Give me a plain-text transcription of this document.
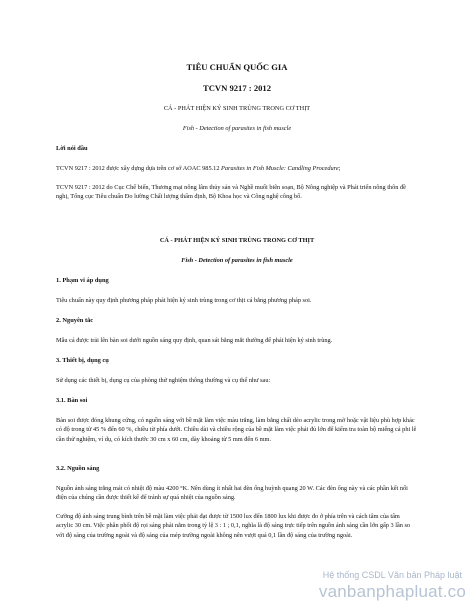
TIÊU CHUẨN QUỐC GIA
TCVN 9217 : 2012
CÁ - PHÁT HIỆN KÝ SINH TRÙNG TRONG CƠ THỊT
Fish - Detection of parasites in fish muscle
Lời nói đầu

TCVN 9217 : 2012 được xây dựng dựa trên cơ sở AOAC 985.12 Parasites in Fish Muscle: Candling Procedure;

TCVN 9217 : 2012 do Cục Chế biến, Thương mại nông lâm thủy sản và Nghề muối biên soạn, Bộ Nông nghiệp và Phát triển nông thôn đề nghị, Tổng cục Tiêu chuẩn Đo lường Chất lượng thẩm định, Bộ Khoa học và Công nghệ công bố.

CÁ - PHÁT HIỆN KÝ SINH TRÙNG TRONG CƠ THỊT
Fish - Detection of parasites in fish muscle
1. Phạm vi áp dụng

Tiêu chuẩn này quy định phương pháp phát hiện ký sinh trùng trong cơ thịt cá bằng phương pháp soi.

2. Nguyên tắc

Mẫu cá được trải lên bàn soi dưới nguồn sáng quy định, quan sát bằng mắt thường để phát hiện ký sinh trùng.

3. Thiết bị, dụng cụ

Sử dụng các thiết bị, dụng cụ của phòng thử nghiệm thông thường và cụ thể như sau:

3.1. Bàn soi

Bàn soi được đóng khung cứng, có nguồn sáng với bề mặt làm việc màu trắng, làm bằng chất dẻo acrylic trong mờ hoặc vật liệu phù hợp khác có độ trong từ 45 % đến 60 %, chiều từ phía dưới. Chiều dài và chiều rộng của bề mặt làm việc phải đủ lớn để kiểm tra toàn bộ miếng cá phi lê cần thử nghiệm, ví dụ, có kích thước 30 cm x 60 cm, dày khoảng từ 5 mm đến 6 mm.

3.2. Nguồn sáng

Nguồn ánh sáng trắng mát có nhiệt độ màu 4200 °K. Nên dùng ít nhất hai đèn ống huỳnh quang 20 W. Các đèn ống này và các phần kết nối điện của chúng cần được thiết kế để tránh sự quá nhiệt của nguồn sáng.

Cường độ ánh sáng trung bình trên bề mặt làm việc phải đạt được từ 1500 lux đến 1800 lux khi được đo ở phía trên và cách tâm của tấm acrylic 30 cm. Việc phân phối độ rọi sáng phải nằm trong tỷ lệ 3 : 1 ; 0,1, nghĩa là độ sáng trực tiếp trên nguồn ánh sáng cần lớn gấp 3 lần so với độ sáng của trường ngoài và độ sáng của mép trường ngoài không nên vượt quá 0,1 lần độ sáng của trường ngoài.

Hệ thống CSDL Văn bản Pháp luật
vanbanphapluat.co
